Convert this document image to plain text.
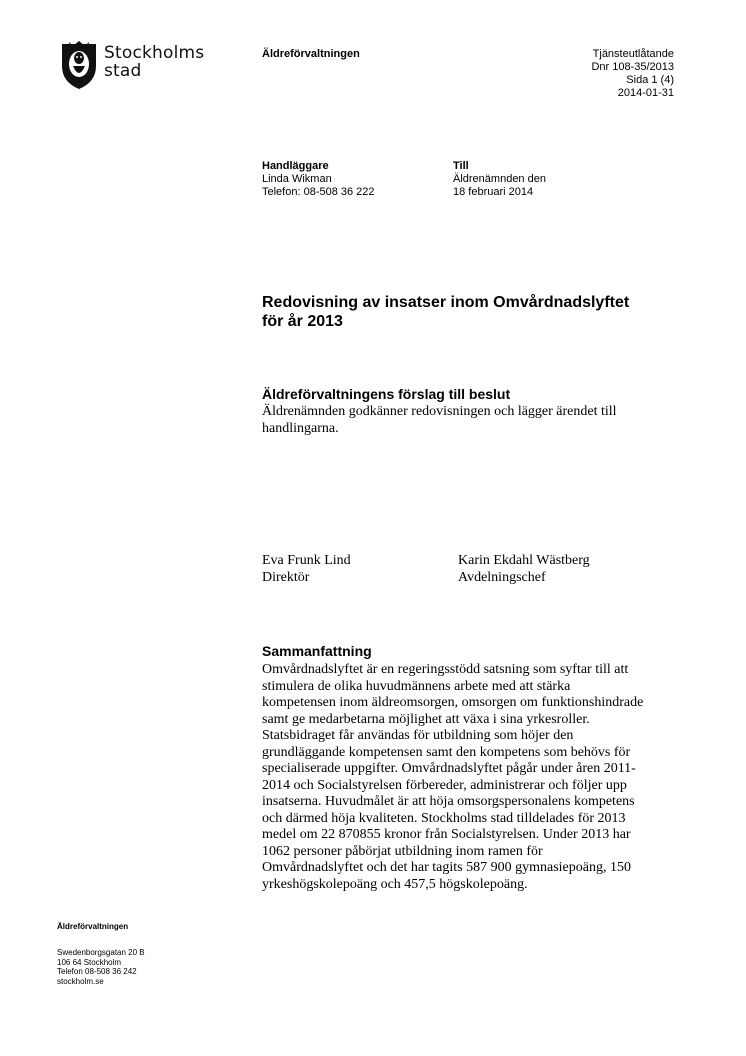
Stockholms
stad
Äldreförvaltningen	Tjänsteutlåtande
Dnr 108-35/2013
Sida 1 (4)
2014-01-31
Handläggare
Linda Wikman
Telefon: 08-508 36 222
Till
Äldrenämnden den
18 februari 2014
Redovisning av insatser inom Omvårdnadslyftet
för år 2013
Äldreförvaltningens förslag till beslut
Äldrenämnden godkänner redovisningen och lägger ärendet till
handlingarna.
Eva Frunk Lind
Direktör
Karin Ekdahl Wästberg
Avdelningschef
Sammanfattning
Omvårdnadslyftet är en regeringsstödd satsning som syftar till att
stimulera de olika huvudmännens arbete med att stärka
kompetensen inom äldreomsorgen, omsorgen om funktionshindrade
samt ge medarbetarna möjlighet att växa i sina yrkesroller.
Statsbidraget får användas för utbildning som höjer den
grundläggande kompetensen samt den kompetens som behövs för
specialiserade uppgifter. Omvårdnadslyftet pågår under åren 2011-
2014 och Socialstyrelsen förbereder, administrerar och följer upp
insatserna. Huvudmålet är att höja omsorgspersonalens kompetens
och därmed höja kvaliteten. Stockholms stad tilldelades för 2013
medel om 22 870855 kronor från Socialstyrelsen. Under 2013 har
1062 personer påbörjat utbildning inom ramen för
Omvårdnadslyftet och det har tagits 587 900 gymnasiepoäng, 150
yrkeshögskolepoäng och 457,5 högskolepoäng.
Äldreförvaltningen
Swedenborgsgatan 20 B
106 64 Stockholm
Telefon 08-508 36 242
stockholm.se
